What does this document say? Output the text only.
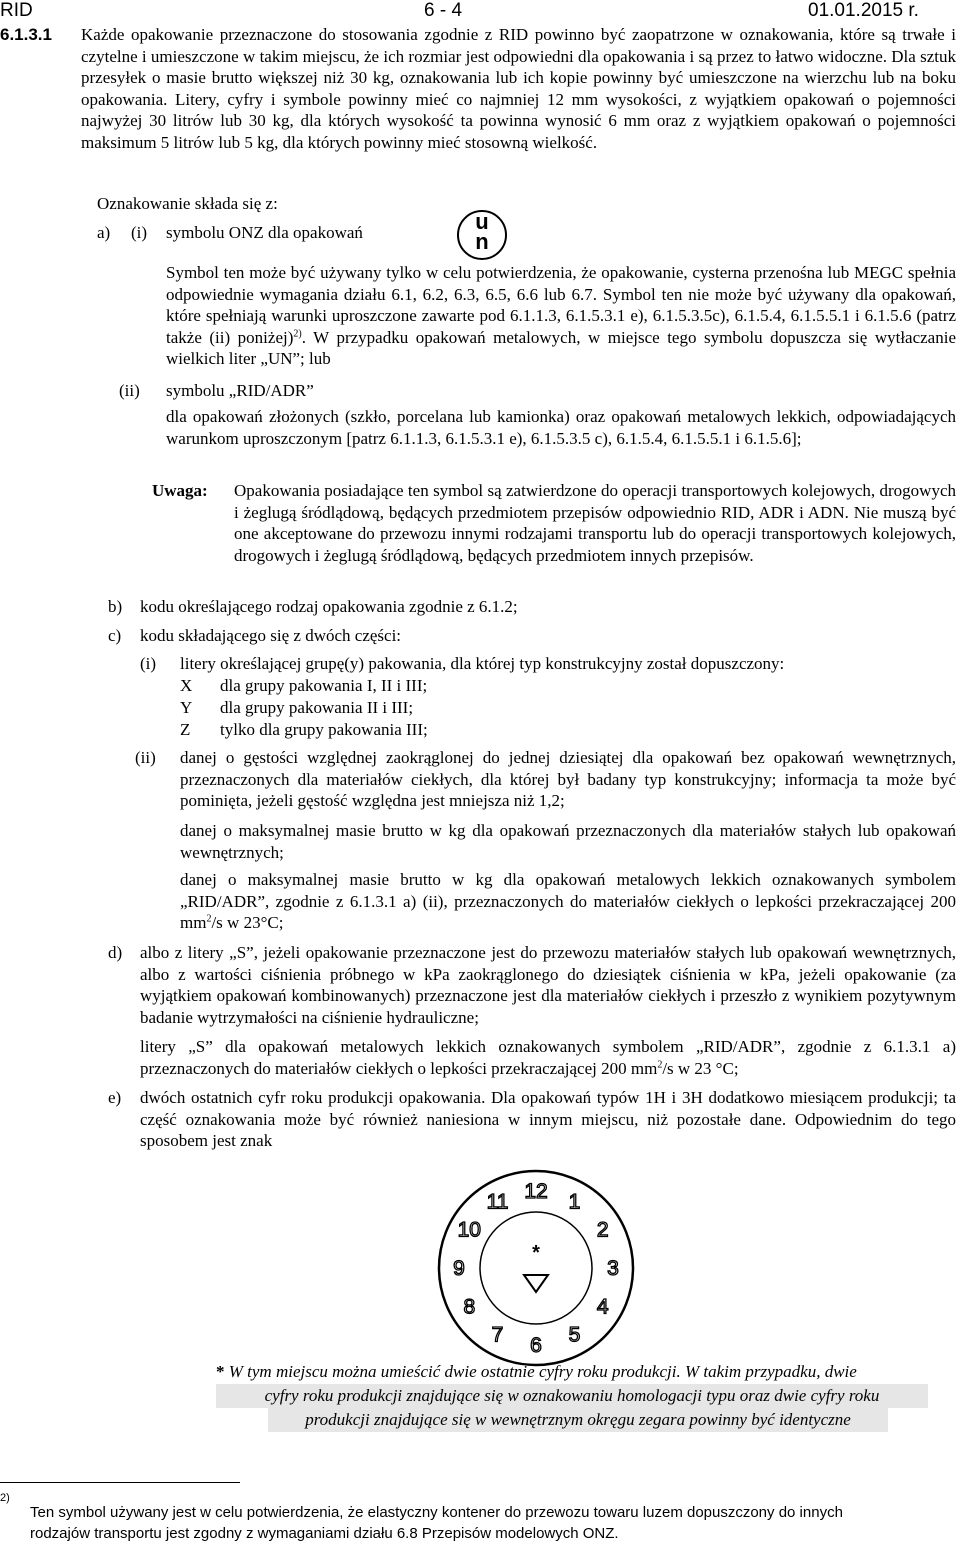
RID	6 - 4	01.01.2015 r.
6.1.3.1 Każde opakowanie przeznaczone do stosowania zgodnie z RID powinno być zaopatrzone w oznakowania, które są trwałe i czytelne i umieszczone w takim miejscu, że ich rozmiar jest odpowiedni dla opakowania i są przez to łatwo widoczne. Dla sztuk przesyłek o masie brutto większej niż 30 kg, oznakowania lub ich kopie powinny być umieszczone na wierzchu lub na boku opakowania. Litery, cyfry i symbole powinny mieć co najmniej 12 mm wysokości, z wyjątkiem opakowań o pojemności najwyżej 30 litrów lub 30 kg, dla których wysokość ta powinna wynosić 6 mm oraz z wyjątkiem opakowań o pojemności maksimum 5 litrów lub 5 kg, dla których powinny mieć stosowną wielkość.
Oznakowanie składa się z:
a) (i) symbolu ONZ dla opakowań	u
n
Symbol ten może być używany tylko w celu potwierdzenia, że opakowanie, cysterna przenośna lub MEGC spełnia odpowiednie wymagania działu 6.1, 6.2, 6.3, 6.5, 6.6 lub 6.7. Symbol ten nie może być używany dla opakowań, które spełniają warunki uproszczone zawarte pod 6.1.1.3, 6.1.5.3.1 e), 6.1.5.3.5c), 6.1.5.4, 6.1.5.5.1 i 6.1.5.6 (patrz także (ii) poniżej)$^{2)}$. W przypadku opakowań metalowych, w miejsce tego symbolu dopuszcza się wytłaczanie wielkich liter „UN”; lub
(ii) symbolu „RID/ADR”
dla opakowań złożonych (szkło, porcelana lub kamionka) oraz opakowań metalowych lekkich, odpowiadających warunkom uproszczonym [patrz 6.1.1.3, 6.1.5.3.1 e), 6.1.5.3.5 c), 6.1.5.4, 6.1.5.5.1 i 6.1.5.6];
Uwaga: Opakowania posiadające ten symbol są zatwierdzone do operacji transportowych kolejowych, drogowych i żeglugą śródlądową, będących przedmiotem przepisów odpowiednio RID, ADR i ADN. Nie muszą być one akceptowane do przewozu innymi rodzajami transportu lub do operacji transportowych kolejowych, drogowych i żeglugą śródlądową, będących przedmiotem innych przepisów.
b) kodu określającego rodzaj opakowania zgodnie z 6.1.2;
c) kodu składającego się z dwóch części:
(i) litery określającej grupę(y) pakowania, dla której typ konstrukcyjny został dopuszczony:
X dla grupy pakowania I, II i III;
Y dla grupy pakowania II i III;
Z tylko dla grupy pakowania III;
(ii) danej o gęstości względnej zaokrąglonej do jednej dziesiątej dla opakowań bez opakowań wewnętrznych, przeznaczonych dla materiałów ciekłych, dla której był badany typ konstrukcyjny; informacja ta może być pominięta, jeżeli gęstość względna jest mniejsza niż 1,2;
danej o maksymalnej masie brutto w kg dla opakowań przeznaczonych dla materiałów stałych lub opakowań wewnętrznych;
danej o maksymalnej masie brutto w kg dla opakowań metalowych lekkich oznakowanych symbolem „RID/ADR”, zgodnie z 6.1.3.1 a) (ii), przeznaczonych do materiałów ciekłych o lepkości przekraczającej 200 $mm^2/s$ w 23°C;
d) albo z litery „S”, jeżeli opakowanie przeznaczone jest do przewozu materiałów stałych lub opakowań wewnętrznych, albo z wartości ciśnienia próbnego w kPa zaokrąglonego do dziesiątek ciśnienia w kPa, jeżeli opakowanie (za wyjątkiem opakowań kombinowanych) przeznaczone jest dla materiałów ciekłych i przeszło z wynikiem pozytywnym badanie wytrzymałości na ciśnienie hydrauliczne;
litery „S” dla opakowań metalowych lekkich oznakowanych symbolem „RID/ADR”, zgodnie z 6.1.3.1 a) przeznaczonych do materiałów ciekłych o lepkości przekraczającej 200 $mm^2/s$ w 23 °C;
e) dwóch ostatnich cyfr roku produkcji opakowania. Dla opakowań typów 1H i 3H dodatkowo miesiącem produkcji; ta część oznakowania może być również naniesiona w innym miejscu, niż pozostałe dane. Odpowiednim do tego sposobem jest znak
12 1
2
3
4
5
6
7
8
9
10
11
*
* W tym miejscu można umieścić dwie ostatnie cyfry roku produkcji. W takim przypadku, dwie
cyfry roku produkcji znajdujące się w oznakowaniu homologacji typu oraz dwie cyfry roku
produkcji znajdujące się w wewnętrznym okręgu zegara powinny być identyczne
2)
Ten symbol używany jest w celu potwierdzenia, że elastyczny kontener do przewozu towaru luzem dopuszczony do innych
rodzajów transportu jest zgodny z wymaganiami działu 6.8 Przepisów modelowych ONZ.
